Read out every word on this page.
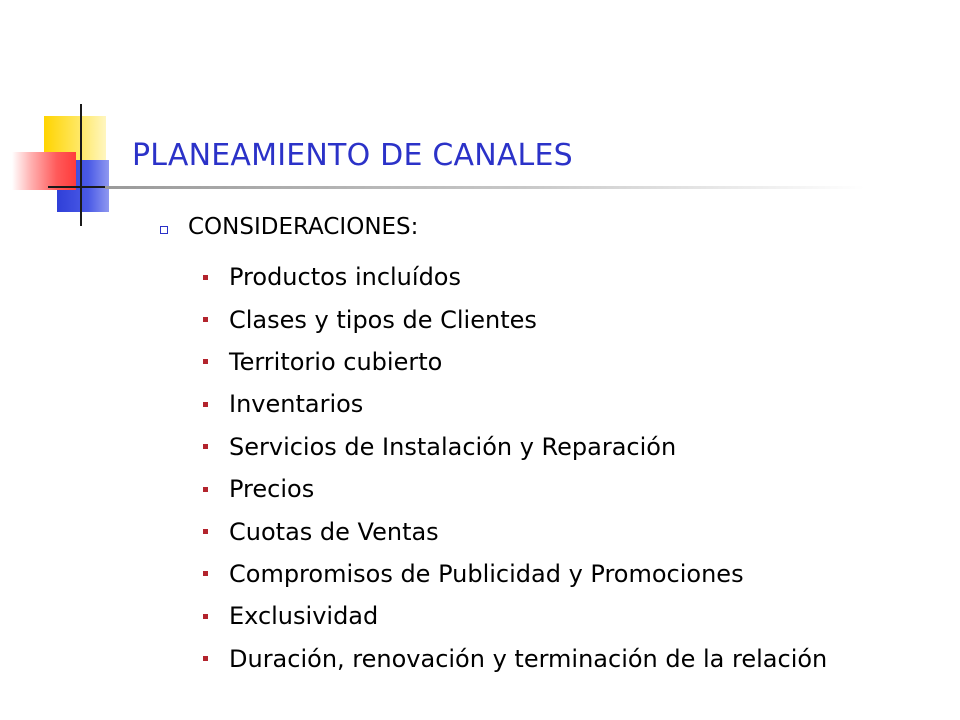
PLANEAMIENTO DE CANALES
CONSIDERACIONES:
Productos incluídos
Clases y tipos de Clientes
Territorio cubierto
Inventarios
Servicios de Instalación y Reparación
Precios
Cuotas de Ventas
Compromisos de Publicidad y Promociones
Exclusividad
Duración, renovación y terminación de la relación
